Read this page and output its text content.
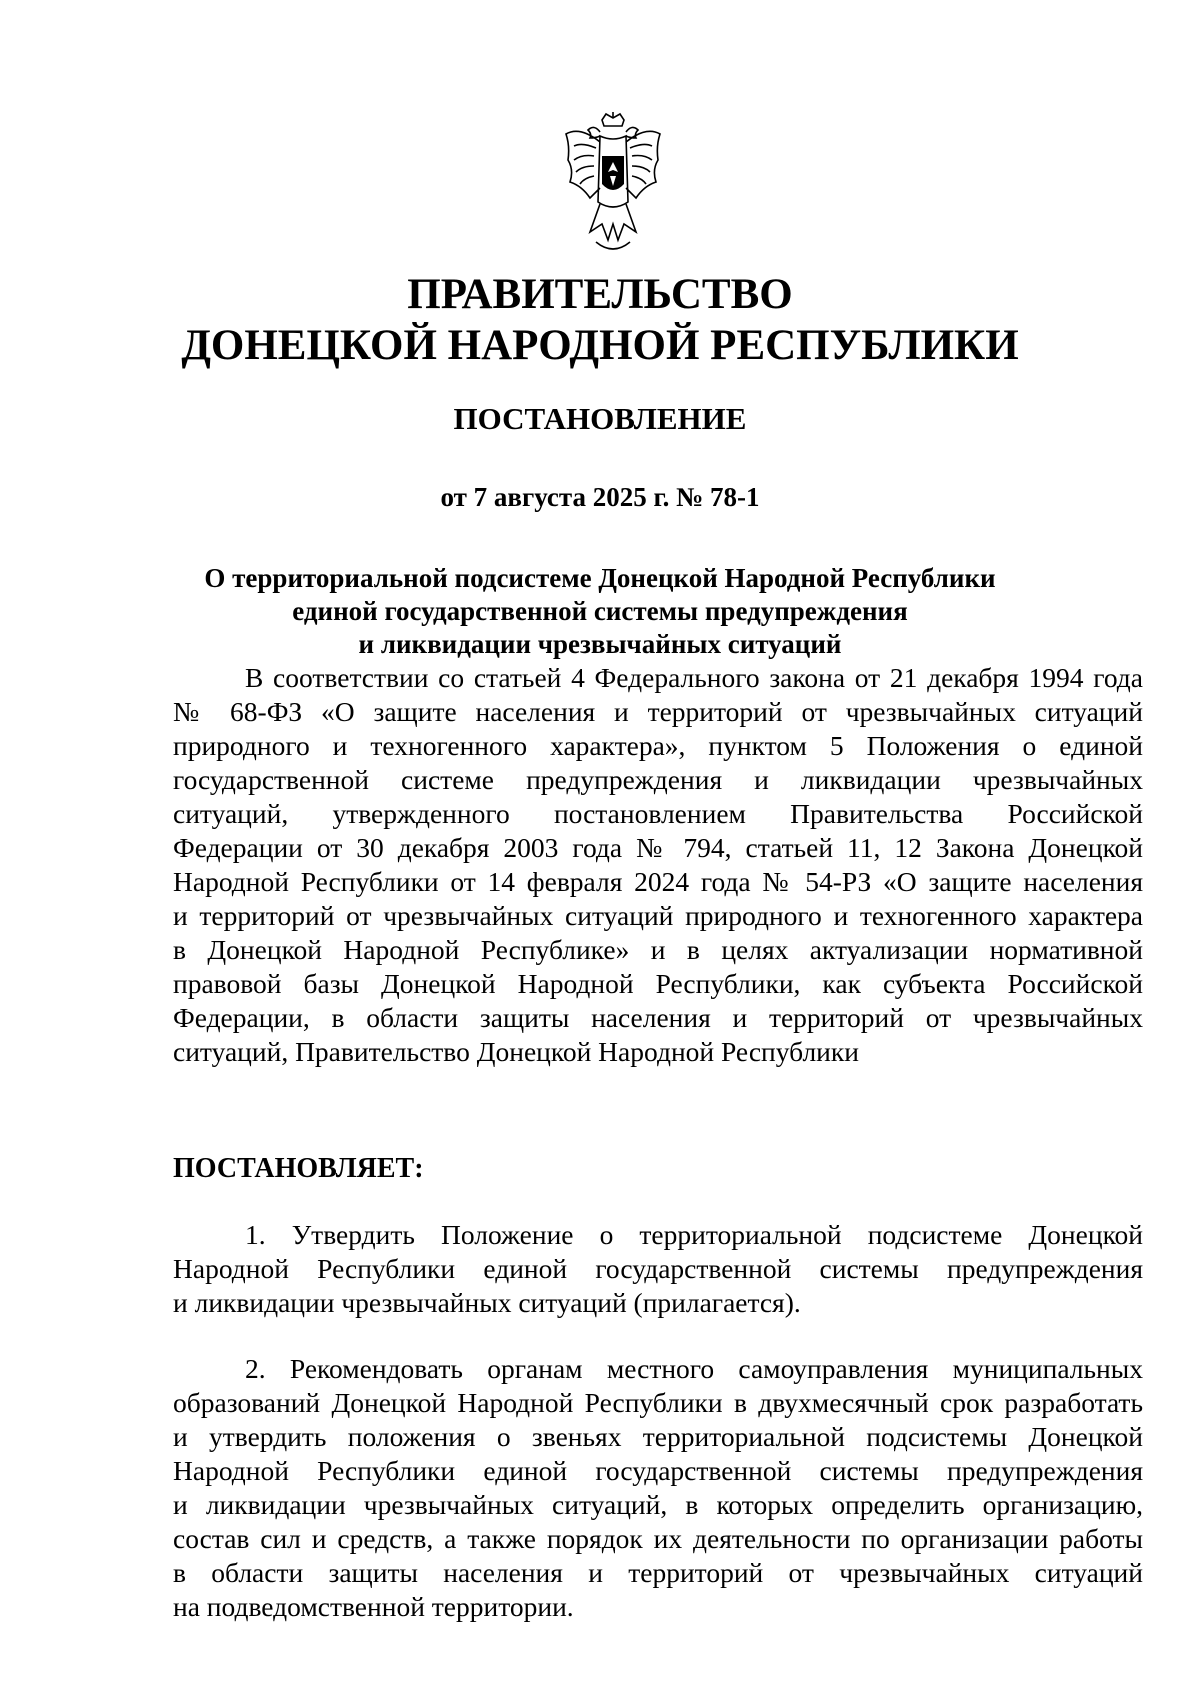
ПРАВИТЕЛЬСТВО
ДОНЕЦКОЙ НАРОДНОЙ РЕСПУБЛИКИ
ПОСТАНОВЛЕНИЕ

от 7 августа 2025 г. № 78-1

О территориальной подсистеме Донецкой Народной Республики
единой государственной системы предупреждения
и ликвидации чрезвычайных ситуаций

В соответствии со статьей 4 Федерального закона от 21 декабря 1994 года

№ 68-ФЗ «О защите населения и территорий от чрезвычайных ситуаций

природного и техногенного характера», пунктом 5 Положения о единой

государственной системе предупреждения и ликвидации чрезвычайных

ситуаций, утвержденного постановлением Правительства Российской

Федерации от 30 декабря 2003 года № 794, статьей 11, 12 Закона Донецкой

Народной Республики от 14 февраля 2024 года № 54-РЗ «О защите населения

и территорий от чрезвычайных ситуаций природного и техногенного характера

в Донецкой Народной Республике» и в целях актуализации нормативной

правовой базы Донецкой Народной Республики, как субъекта Российской

Федерации, в области защиты населения и территорий от чрезвычайных

ситуаций, Правительство Донецкой Народной Республики

ПОСТАНОВЛЯЕТ:

1. Утвердить Положение о территориальной подсистеме Донецкой

Народной Республики единой государственной системы предупреждения

и ликвидации чрезвычайных ситуаций (прилагается).

2. Рекомендовать органам местного самоуправления муниципальных

образований Донецкой Народной Республики в двухмесячный срок разработать

и утвердить положения о звеньях территориальной подсистемы Донецкой

Народной Республики единой государственной системы предупреждения

и ликвидации чрезвычайных ситуаций, в которых определить организацию,

состав сил и средств, а также порядок их деятельности по организации работы

в области защиты населения и территорий от чрезвычайных ситуаций

на подведомственной территории.
